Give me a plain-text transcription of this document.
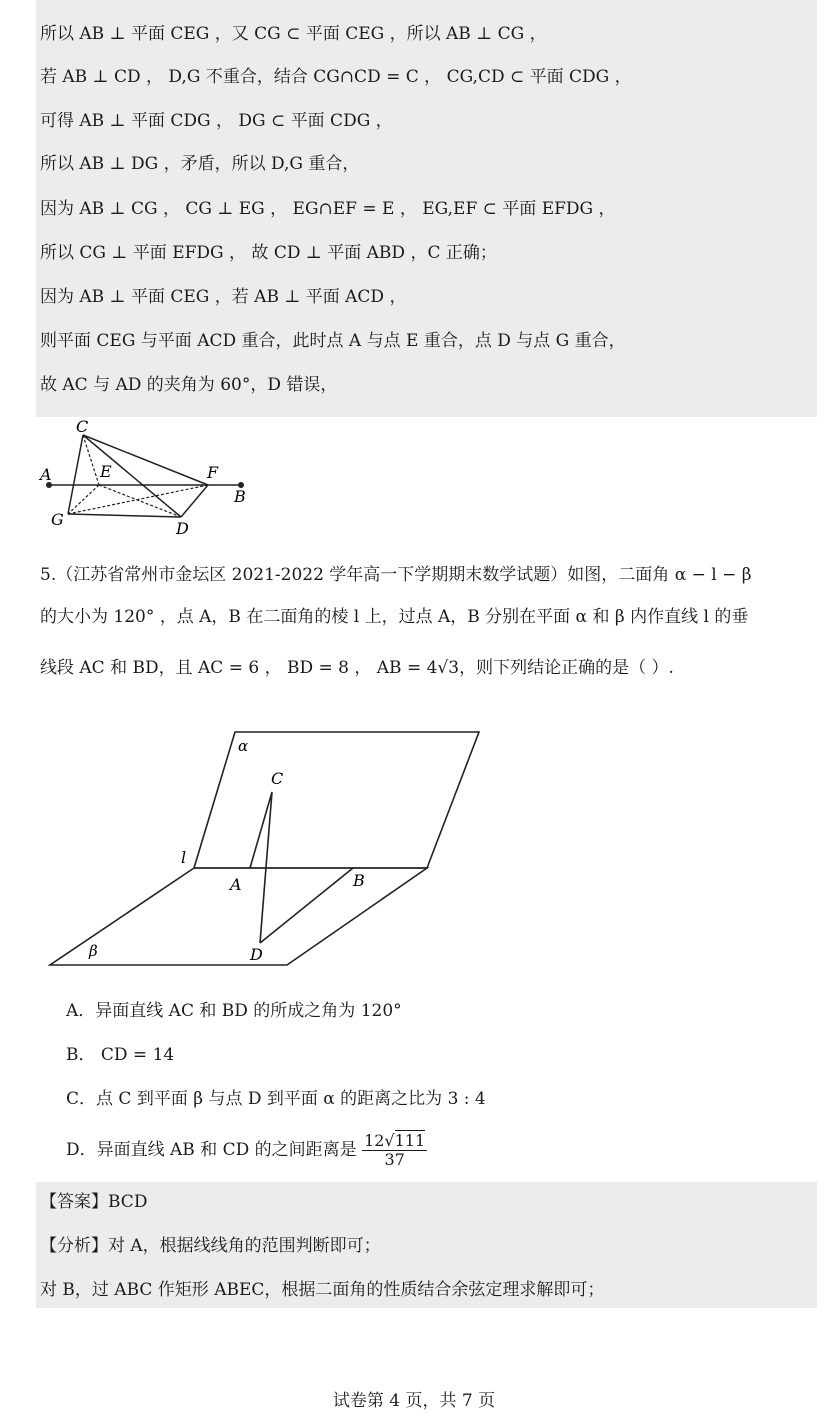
所以 AB ⊥ 平面 CEG ，又 CG ⊂ 平面 CEG ，所以 AB ⊥ CG ，
若 AB ⊥ CD ， D,G 不重合，结合 CG∩CD = C ， CG,CD ⊂ 平面 CDG ，
可得 AB ⊥ 平面 CDG ， DG ⊂ 平面 CDG ，
所以 AB ⊥ DG ，矛盾，所以 D,G 重合，
因为 AB ⊥ CG ， CG ⊥ EG ， EG∩EF = E ， EG,EF ⊂ 平面 EFDG ，
所以 CG ⊥ 平面 EFDG ， 故 CD ⊥ 平面 ABD ，C 正确；
因为 AB ⊥ 平面 CEG ，若 AB ⊥ 平面 ACD ，
则平面 CEG 与平面 ACD 重合，此时点 A 与点 E 重合，点 D 与点 G 重合，
故 AC 与 AD 的夹角为 60°，D 错误，
C
A	E	F
B
G	D
5.（江苏省常州市金坛区 2021-2022 学年高一下学期期末数学试题）如图，二面角 α − l − β
的大小为 120° ，点 A，B 在二面角的棱 l 上，过点 A，B 分别在平面 α 和 β 内作直线 l 的垂
线段 AC 和 BD，且 AC = 6 ， BD = 8 ， AB = 4√3，则下列结论正确的是（ ）.
α
C
l
A	B
β	D
A．异面直线 AC 和 BD 的所成之角为 120°
B． CD = 14
C．点 C 到平面 β 与点 D 到平面 α 的距离之比为 3 : 4
D．异面直线 AB 和 CD 的之间距离是 $\frac{12√111}{37}$
【答案】BCD
【分析】对 A，根据线线角的范围判断即可；
对 B，过 ABC 作矩形 ABEC，根据二面角的性质结合余弦定理求解即可；
试卷第 4 页，共 7 页
